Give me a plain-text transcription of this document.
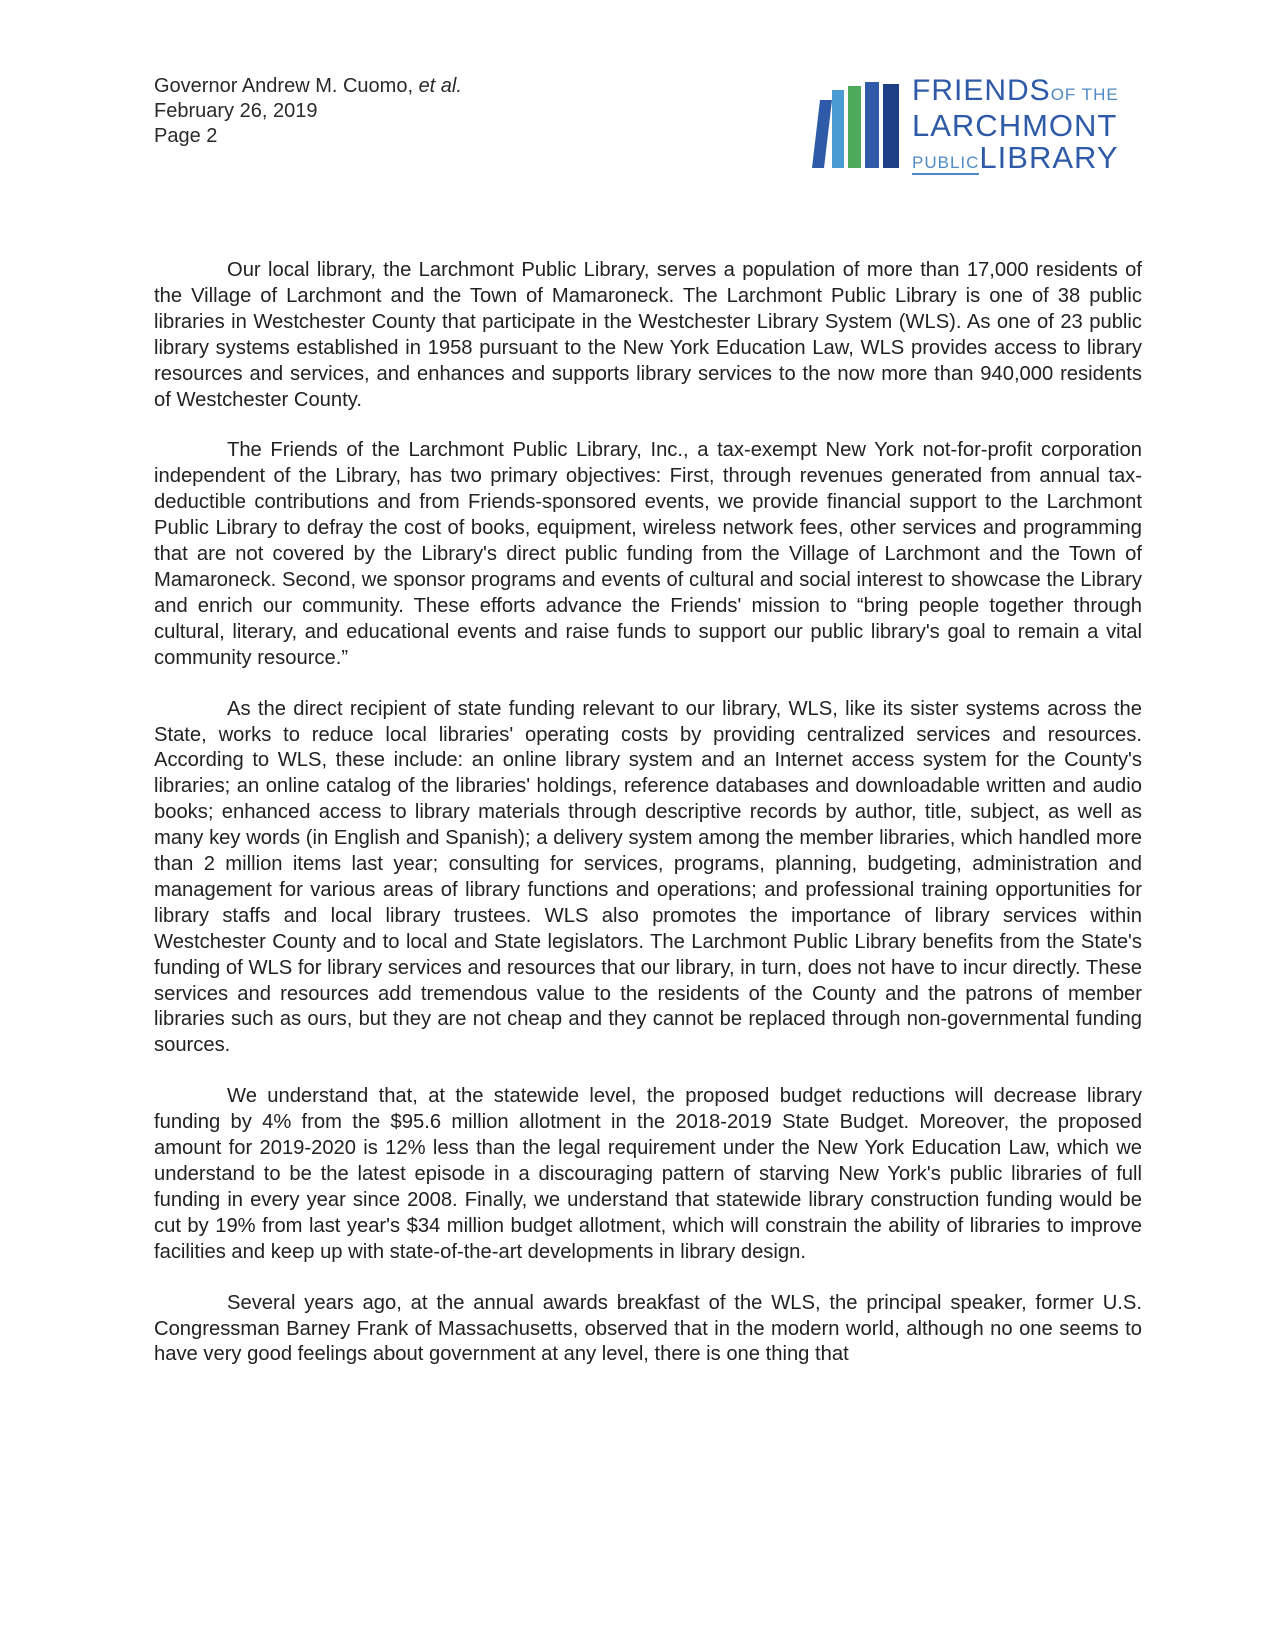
Governor Andrew M. Cuomo, et al.
February 26, 2019
Page 2
FRIENDSOF THE
LARCHMONT
PUBLICLIBRARY

Our local library, the Larchmont Public Library, serves a population of more than 17,000 residents of the Village of Larchmont and the Town of Mamaroneck. The Larchmont Public Library is one of 38 public libraries in Westchester County that participate in the Westchester Library System (WLS). As one of 23 public library systems established in 1958 pursuant to the New York Education Law, WLS provides access to library resources and services, and enhances and supports library services to the now more than 940,000 residents of Westchester County.

The Friends of the Larchmont Public Library, Inc., a tax-exempt New York not-for-profit corporation independent of the Library, has two primary objectives: First, through revenues generated from annual tax-deductible contributions and from Friends-sponsored events, we provide financial support to the Larchmont Public Library to defray the cost of books, equipment, wireless network fees, other services and programming that are not covered by the Library's direct public funding from the Village of Larchmont and the Town of Mamaroneck. Second, we sponsor programs and events of cultural and social interest to showcase the Library and enrich our community. These efforts advance the Friends' mission to “bring people together through cultural, literary, and educational events and raise funds to support our public library's goal to remain a vital community resource.”

As the direct recipient of state funding relevant to our library, WLS, like its sister systems across the State, works to reduce local libraries' operating costs by providing centralized services and resources. According to WLS, these include: an online library system and an Internet access system for the County's libraries; an online catalog of the libraries' holdings, reference databases and downloadable written and audio books; enhanced access to library materials through descriptive records by author, title, subject, as well as many key words (in English and Spanish); a delivery system among the member libraries, which handled more than 2 million items last year; consulting for services, programs, planning, budgeting, administration and management for various areas of library functions and operations; and professional training opportunities for library staffs and local library trustees. WLS also promotes the importance of library services within Westchester County and to local and State legislators. The Larchmont Public Library benefits from the State's funding of WLS for library services and resources that our library, in turn, does not have to incur directly. These services and resources add tremendous value to the residents of the County and the patrons of member libraries such as ours, but they are not cheap and they cannot be replaced through non-governmental funding sources.

We understand that, at the statewide level, the proposed budget reductions will decrease library funding by 4% from the $95.6 million allotment in the 2018-2019 State Budget. Moreover, the proposed amount for 2019-2020 is 12% less than the legal requirement under the New York Education Law, which we understand to be the latest episode in a discouraging pattern of starving New York's public libraries of full funding in every year since 2008. Finally, we understand that statewide library construction funding would be cut by 19% from last year's $34 million budget allotment, which will constrain the ability of libraries to improve facilities and keep up with state-of-the-art developments in library design.

Several years ago, at the annual awards breakfast of the WLS, the principal speaker, former U.S. Congressman Barney Frank of Massachusetts, observed that in the modern world, although no one seems to have very good feelings about government at any level, there is one thing that
